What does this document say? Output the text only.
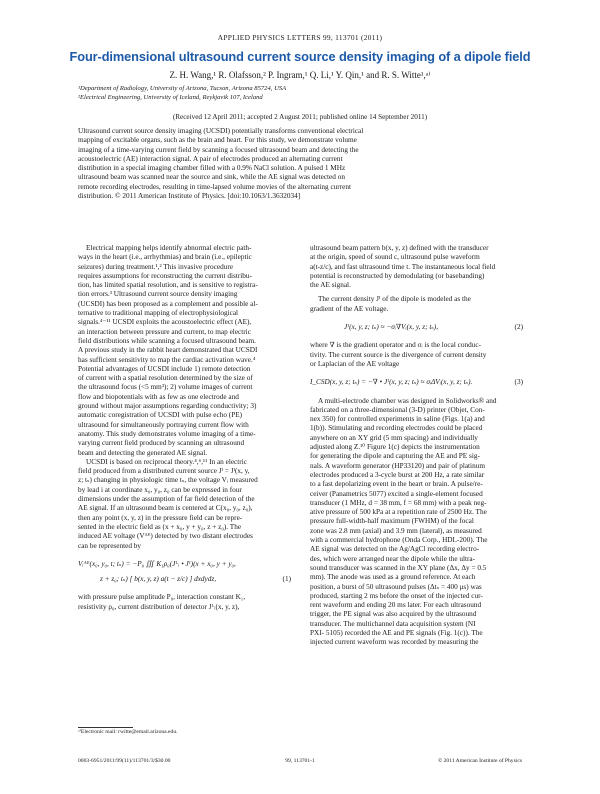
APPLIED PHYSICS LETTERS 99, 113701 (2011)
Four-dimensional ultrasound current source density imaging of a dipole field
Z. H. Wang,¹ R. Olafsson,² P. Ingram,¹ Q. Li,¹ Y. Qin,¹ and R. S. Witte¹,ᵃ⁾
¹Department of Radiology, University of Arizona, Tucson, Arizona 85724, USA
²Electrical Engineering, University of Iceland, Reykjavik 107, Iceland
(Received 12 April 2011; accepted 2 August 2011; published online 14 September 2011)
Ultrasound current source density imaging (UCSDI) potentially transforms conventional electrical
mapping of excitable organs, such as the brain and heart. For this study, we demonstrate volume
imaging of a time-varying current field by scanning a focused ultrasound beam and detecting the
acoustoelectric (AE) interaction signal. A pair of electrodes produced an alternating current
distribution in a special imaging chamber filled with a 0.9% NaCl solution. A pulsed 1 MHz
ultrasound beam was scanned near the source and sink, while the AE signal was detected on
remote recording electrodes, resulting in time-lapsed volume movies of the alternating current
distribution. © 2011 American Institute of Physics. [doi:10.1063/1.3632034]
Electrical mapping helps identify abnormal electric path-
ways in the heart (i.e., arrhythmias) and brain (i.e., epileptic
seizures) during treatment.¹,² This invasive procedure
requires assumptions for reconstructing the current distribu-
tion, has limited spatial resolution, and is sensitive to registra-
tion errors.³ Ultrasound current source density imaging
(UCSDI) has been proposed as a complement and possible al-
ternative to traditional mapping of electrophysiological
signals.⁴⁻¹¹ UCSDI exploits the acoustoelectric effect (AE),
an interaction between pressure and current, to map electric
field distributions while scanning a focused ultrasound beam.
A previous study in the rabbit heart demonstrated that UCSDI
has sufficient sensitivity to map the cardiac activation wave.⁴
Potential advantages of UCSDI include 1) remote detection
of current with a spatial resolution determined by the size of
the ultrasound focus (<5 mm³); 2) volume images of current
flow and biopotentials with as few as one electrode and
ground without major assumptions regarding conductivity; 3)
automatic coregistration of UCSDI with pulse echo (PE)
ultrasound for simultaneously portraying current flow with
anatomy. This study demonstrates volume imaging of a time-
varying current field produced by scanning an ultrasound
beam and detecting the generated AE signal.
UCSDI is based on reciprocal theory.⁴,⁶,¹¹ In an electric
field produced from a distributed current source Jᴵ = Jᴵ(x, y,
z; tₛ) changing in physiologic time tₛ, the voltage Vᵢ measured
by lead i at coordinate x₀, y₀, z₀ can be expressed in four
dimensions under the assumption of far field detection of the
AE signal. If an ultrasound beam is centered at C(x₀, y₀, z₀),
then any point (x, y, z) in the pressure field can be repre-
sented in the electric field as (x + x₀, y + y₀, z + z₀). The
induced AE voltage (Vᴬᴱ) detected by two distant electrodes
can be represented by
Vᵢᴬᴱ(x₀, y₀, t; tₛ) = −P₀ ∭ K₁ρ₀(Jᴸᵢ • Jᴵ)(x + x₀, y + y₀,
z + z₀; tₛ) [ b(x, y, z) a(t − z/c) ] dxdydz,	(1)
with pressure pulse amplitude P₀, interaction constant K₁,
resistivity ρ₀, current distribution of detector Jᴸᵢ(x, y, z),
ᵃ⁾Electronic mail: rwitte@email.arizona.edu.
ultrasound beam pattern b(x, y, z) defined with the transducer
at the origin, speed of sound c, ultrasound pulse waveform
a(t-z/c), and fast ultrasound time t. The instantaneous local field
potential is reconstructed by demodulating (or basebanding)
the AE signal.
The current density Jᴵ of the dipole is modeled as the
gradient of the AE voltage.
Jᴵ(x, y, z; tₛ) ≈ −σᵢ∇Vᵢ(x, y, z; tₛ),	(2)
where ∇ is the gradient operator and σᵢ is the local conduc-
tivity. The current source is the divergence of current density
or Laplacian of the AE voltage
I_CSD(x, y, z; tₛ) = −∇ • Jᴵ(x, y, z; tₛ) ≈ σᵢΔVᵢ(x, y, z; tₛ).	(3)
A multi-electrode chamber was designed in Solidworks® and
fabricated on a three-dimensional (3-D) printer (Objet, Con-
nex 350) for controlled experiments in saline (Figs. 1(a) and
1(b)). Stimulating and recording electrodes could be placed
anywhere on an XY grid (5 mm spacing) and individually
adjusted along Z.¹⁰ Figure 1(c) depicts the instrumentation
for generating the dipole and capturing the AE and PE sig-
nals. A waveform generator (HP33120) and pair of platinum
electrodes produced a 3-cycle burst at 200 Hz, a rate similar
to a fast depolarizing event in the heart or brain. A pulse/re-
ceiver (Panametrics 5077) excited a single-element focused
transducer (1 MHz, d = 38 mm, f = 68 mm) with a peak neg-
ative pressure of 500 kPa at a repetition rate of 2500 Hz. The
pressure full-width-half maximum (FWHM) of the focal
zone was 2.8 mm (axial) and 3.9 mm (lateral), as measured
with a commercial hydrophone (Onda Corp., HDL-200). The
AE signal was detected on the Ag/AgCl recording electro-
des, which were arranged near the dipole while the ultra-
sound transducer was scanned in the XY plane (Δx, Δy = 0.5
mm). The anode was used as a ground reference. At each
position, a burst of 50 ultrasound pulses (Δtₛ = 400 μs) was
produced, starting 2 ms before the onset of the injected cur-
rent waveform and ending 20 ms later. For each ultrasound
trigger, the PE signal was also acquired by the ultrasound
transducer. The multichannel data acquisition system (NI
PXI- 5105) recorded the AE and PE signals (Fig. 1(c)). The
injected current waveform was recorded by measuring the
0003-6951/2011/99(11)/113701/3/$30.00	99, 113701-1	© 2011 American Institute of Physics
